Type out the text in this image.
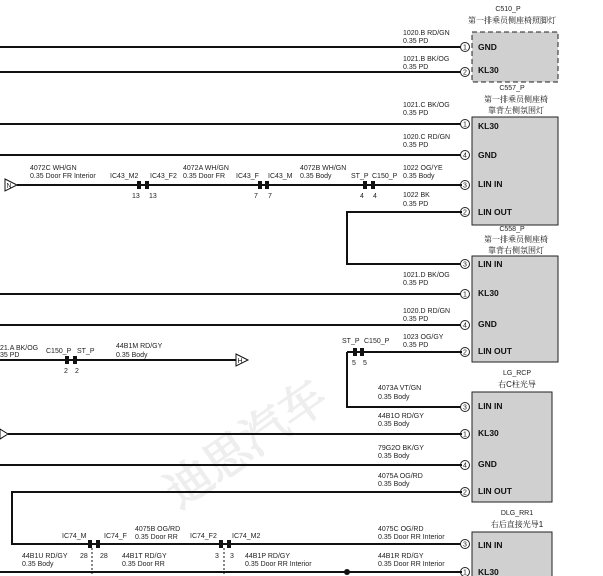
迪思汽车
C510_P
第一排乘员侧座椅照脚灯
GND
KL30
1
2
1020.B RD/GN
0.35 PD
1021.B BK/OG
0.35 PD
C557_P
第一排乘员侧座椅
靠背左侧氛围灯
KL30
GND
LIN IN
LIN OUT
1
4
3
2
1021.C BK/OG
0.35 PD
1020.C RD/GN
0.35 PD
N
4072C WH/GN
0.35 Door FR Interior IC43_M2 IC43_F2
13 13
4072A WH/GN
0.35 Door FR IC43_F IC43_M
7 7
4072B WH/GN
0.35 Body	ST_P C150_P
4 4
1022 OG/YE
0.35 Body
1022 BK
0.35 PD
C558_P
第一排乘员侧座椅
靠背右侧氛围灯
LIN IN
KL30
GND
LIN OUT
3
1
4
2
1021.D BK/OG
0.35 PD
1020.D RD/GN
0.35 PD
ST_P C150_P
5 5
1023 OG/GY
0.35 PD
21.A BK/OG
35 PD
C150_P ST_P
2 2
44B1M RD/GY
0.35 Body
H
LG_RCP
右C柱光导
LIN IN
KL30
GND
LIN OUT
3
1
4
2
4073A VT/GN
0.35 Body
44B1O RD/GY
0.35 Body
79G2O BK/GY
0.35 Body
4075A OG/RD
0.35 Body
IC74_M IC74_F
4075B OG/RD
0.35 Door RR IC74_F2 IC74_M2
4075C OG/RD
0.35 Door RR Interior
DLG_RR1
右后直接光导1
LIN IN
KL30
3
1
44B1U RD/GY
0.35 Body
28 28 44B1T RD/GY
0.35 Door RR
3 3 44B1P RD/GY
0.35 Door RR Interior
44B1R RD/GY
0.35 Door RR Interior
